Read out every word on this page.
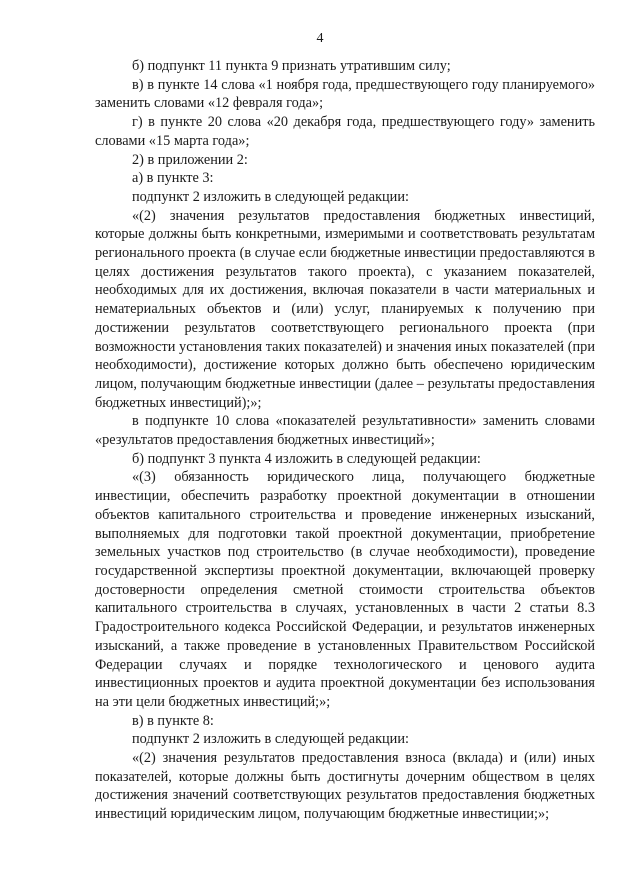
4

б) подпункт 11 пункта 9 признать утратившим силу;

в) в пункте 14 слова «1 ноября года, предшествующего году планируемого» заменить словами «12 февраля года»;

г) в пункте 20 слова «20 декабря года, предшествующего году» заменить словами «15 марта года»;

2) в приложении 2:

а) в пункте 3:

подпункт 2 изложить в следующей редакции:

«(2) значения результатов предоставления бюджетных инвестиций, которые должны быть конкретными, измеримыми и соответствовать результатам регионального проекта (в случае если бюджетные инвестиции предоставляются в целях достижения результатов такого проекта), с указанием показателей, необходимых для их достижения, включая показатели в части материальных и нематериальных объектов и (или) услуг, планируемых к получению при достижении результатов соответствующего регионального проекта (при возможности установления таких показателей) и значения иных показателей (при необходимости), достижение которых должно быть обеспечено юридическим лицом, получающим бюджетные инвестиции (далее – результаты предоставления бюджетных инвестиций);»;

в подпункте 10 слова «показателей результативности» заменить словами «результатов предоставления бюджетных инвестиций»;

б) подпункт 3 пункта 4 изложить в следующей редакции:

«(3) обязанность юридического лица, получающего бюджетные инвестиции, обеспечить разработку проектной документации в отношении объектов капитального строительства и проведение инженерных изысканий, выполняемых для подготовки такой проектной документации, приобретение земельных участков под строительство (в случае необходимости), проведение государственной экспертизы проектной документации, включающей проверку достоверности определения сметной стоимости строительства объектов капитального строительства в случаях, установленных в части 2 статьи 8.3 Градостроительного кодекса Российской Федерации, и результатов инженерных изысканий, а также проведение в установленных Правительством Российской Федерации случаях и порядке технологического и ценового аудита инвестиционных проектов и аудита проектной документации без использования на эти цели бюджетных инвестиций;»;

в) в пункте 8:

подпункт 2 изложить в следующей редакции:

«(2) значения результатов предоставления взноса (вклада) и (или) иных показателей, которые должны быть достигнуты дочерним обществом в целях достижения значений соответствующих результатов предоставления бюджетных инвестиций юридическим лицом, получающим бюджетные инвестиции;»;
